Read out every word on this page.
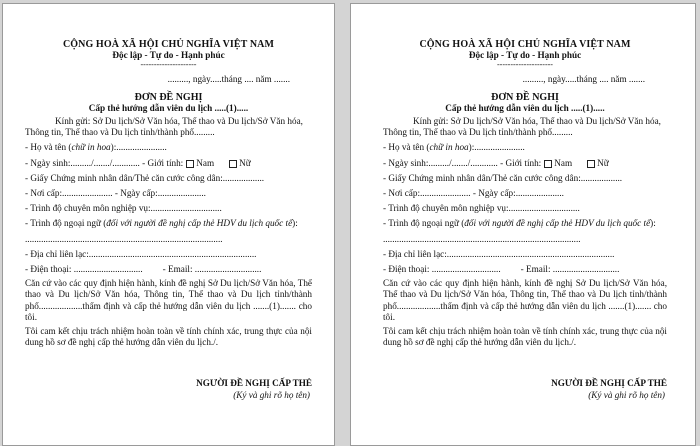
CỘNG HOÀ XÃ HỘI CHỦ NGHĨA VIỆT NAM
Độc lập - Tự do - Hạnh phúc
---------------------
........., ngày.....tháng .... năm .......
ĐƠN ĐỀ NGHỊ
Cấp thẻ hướng dẫn viên du lịch .....(1).....
Kính gửi: Sở Du lịch/Sở Văn hóa, Thể thao và Du lịch/Sở Văn hóa, Thông tin, Thể thao và Du lịch tỉnh/thành phố.........
- Họ và tên (chữ in hoa):......................
- Ngày sinh:........./......./............ - Giới tính: Nam	Nữ
- Giấy Chứng minh nhân dân/Thẻ căn cước công dân:..................
- Nơi cấp:...................... - Ngày cấp:.....................
- Trình độ chuyên môn nghiệp vụ:...............................
- Trình độ ngoại ngữ (đối với người đề nghị cấp thẻ HDV du lịch quốc tế):
......................................................................................
- Địa chỉ liên lạc:.........................................................................
- Điện thoại: .............................. - Email: .............................
Căn cứ vào các quy định hiện hành, kính đề nghị Sở Du lịch/Sở Văn hóa, Thể thao và Du lịch/Sở Văn hóa, Thông tin, Thể thao và Du lịch tỉnh/thành phố...................thẩm định và cấp thẻ hướng dẫn viên du lịch .......(1)....... cho tôi.
Tôi cam kết chịu trách nhiệm hoàn toàn về tính chính xác, trung thực của nội dung hồ sơ đề nghị cấp thẻ hướng dẫn viên du lịch./.
NGƯỜI ĐỀ NGHỊ CẤP THẺ
(Ký và ghi rõ họ tên)
CỘNG HOÀ XÃ HỘI CHỦ NGHĨA VIỆT NAM
Độc lập - Tự do - Hạnh phúc
---------------------
........., ngày.....tháng .... năm .......
ĐƠN ĐỀ NGHỊ
Cấp thẻ hướng dẫn viên du lịch .....(1).....
Kính gửi: Sở Du lịch/Sở Văn hóa, Thể thao và Du lịch/Sở Văn hóa, Thông tin, Thể thao và Du lịch tỉnh/thành phố.........
- Họ và tên (chữ in hoa):......................
- Ngày sinh:........./......./............ - Giới tính: Nam	Nữ
- Giấy Chứng minh nhân dân/Thẻ căn cước công dân:..................
- Nơi cấp:...................... - Ngày cấp:.....................
- Trình độ chuyên môn nghiệp vụ:...............................
- Trình độ ngoại ngữ (đối với người đề nghị cấp thẻ HDV du lịch quốc tế):
......................................................................................
- Địa chỉ liên lạc:.........................................................................
- Điện thoại: .............................. - Email: .............................
Căn cứ vào các quy định hiện hành, kính đề nghị Sở Du lịch/Sở Văn hóa, Thể thao và Du lịch/Sở Văn hóa, Thông tin, Thể thao và Du lịch tỉnh/thành phố...................thẩm định và cấp thẻ hướng dẫn viên du lịch .......(1)....... cho tôi.
Tôi cam kết chịu trách nhiệm hoàn toàn về tính chính xác, trung thực của nội dung hồ sơ đề nghị cấp thẻ hướng dẫn viên du lịch./.
NGƯỜI ĐỀ NGHỊ CẤP THẺ
(Ký và ghi rõ họ tên)
